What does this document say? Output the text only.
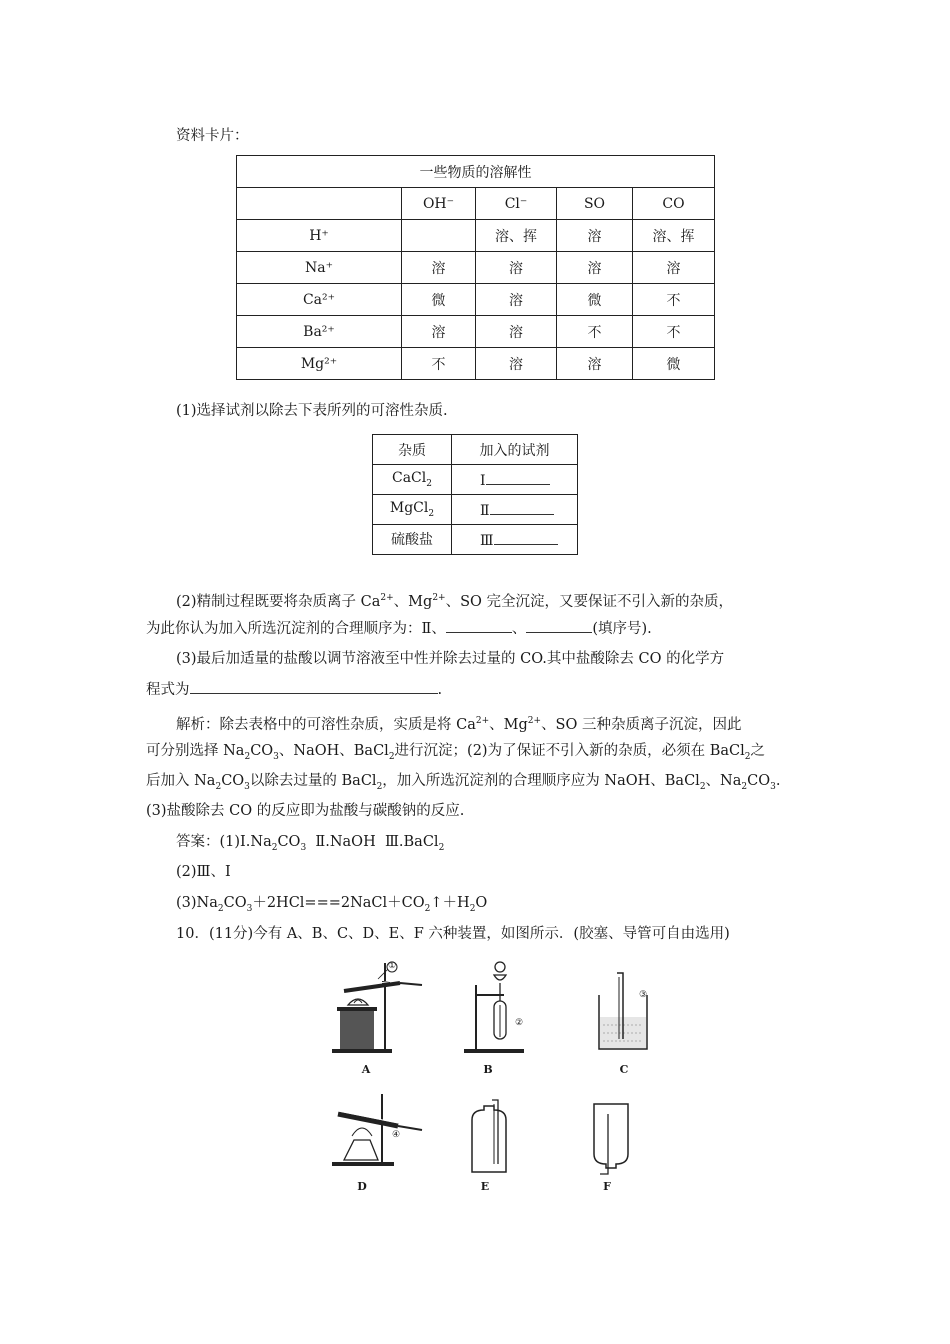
资料卡片：
一些物质的溶解性				
	OH⁻	Cl⁻	SO	CO
H⁺		溶、挥	溶	溶、挥
Na⁺	溶	溶	溶	溶
Ca²⁺	微	溶	微	不
Ba²⁺	溶	溶	不	不
Mg²⁺	不	溶	溶	微
(1)选择试剂以除去下表所列的可溶性杂质.
杂质	加入的试剂
CaCl$_2$	Ⅰ
MgCl$_2$	Ⅱ
硫酸盐	Ⅲ
(2)精制过程既要将杂质离子 $Ca^{2+}$、$Mg^{2+}$、SO 完全沉淀，又要保证不引入新的杂质，
为此你认为加入所选沉淀剂的合理顺序为：Ⅱ、	、	(填序号).
(3)最后加适量的盐酸以调节溶液至中性并除去过量的 CO.其中盐酸除去 CO 的化学方
程式为	.
解析：除去表格中的可溶性杂质，实质是将 $Ca^{2+}$、$Mg^{2+}$、SO 三种杂质离子沉淀，因此
可分别选择 $Na_2CO_3$、NaOH、BaCl$_2$进行沉淀；(2)为了保证不引入新的杂质，必须在 BaCl$_2$之
后加入 $Na_2CO_3$以除去过量的 BaCl$_2$，加入所选沉淀剂的合理顺序应为 NaOH、BaCl$_2$、$Na_2CO_3$.
(3)盐酸除去 CO 的反应即为盐酸与碳酸钠的反应.
答案：$(1)Ⅰ.Na_2CO_3$  Ⅱ.NaOH  Ⅲ.BaCl$_2$
(2)Ⅲ、Ⅰ
$(3)Na_2CO_3+2HCl===2NaCl+CO_2↑+H_2O$
10．(11分)今有 A、B、C、D、E、F 六种装置，如图所示．(胶塞、导管可自由选用)
①
A
②
B
③
C
④
D	E	F
